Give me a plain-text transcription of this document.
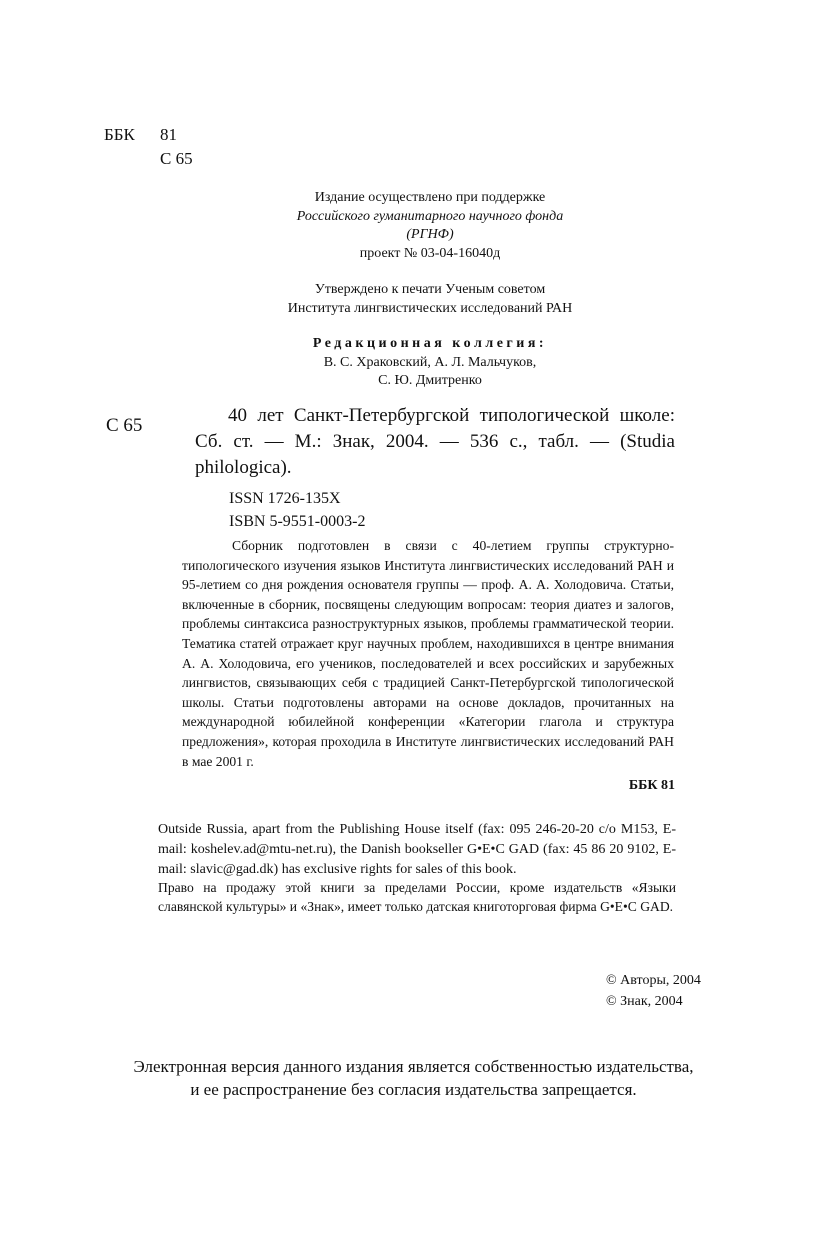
ББК	81
С 65
Издание осуществлено при поддержке
Российского гуманитарного научного фонда
(РГНФ)
проект № 03-04-16040д
Утверждено к печати Ученым советом
Института лингвистических исследований РАН
Редакционная коллегия:
В. С. Храковский, А. Л. Мальчуков,
С. Ю. Дмитренко
С 65	40 лет Санкт-Петербургской типологической школе: Сб. ст. — М.: Знак, 2004. — 536 с., табл. — (Studia philologica).
ISSN 1726-135X
ISBN 5-9551-0003-2
Сборник подготовлен в связи с 40-летием группы структурно-типологического изучения языков Института лингвистических исследований РАН и 95-летием со дня рождения основателя группы — проф. А. А. Холодовича. Статьи, включенные в сборник, посвящены следующим вопросам: теория диатез и залогов, проблемы синтаксиса разноструктурных языков, проблемы грамматической теории. Тематика статей отражает круг научных проблем, находившихся в центре внимания А. А. Холодовича, его учеников, последователей и всех российских и зарубежных лингвистов, связывающих себя с традицией Санкт-Петербургской типологической школы. Статьи подготовлены авторами на основе докладов, прочитанных на международной юбилейной конференции «Категории глагола и структура предложения», которая проходила в Институте лингвистических исследований РАН в мае 2001 г.
ББК 81
Outside Russia, apart from the Publishing House itself (fax: 095 246-20-20 c/o M153, E-mail: koshelev.ad@mtu-net.ru), the Danish bookseller G•E•C GAD (fax: 45 86 20 9102, E-mail: slavic@gad.dk) has exclusive rights for sales of this book.
Право на продажу этой книги за пределами России, кроме издательств «Языки славянской культуры» и «Знак», имеет только датская книготорговая фирма G•E•C GAD.
© Авторы, 2004
© Знак, 2004
Электронная версия данного издания является собственностью издательства,
и ее распространение без согласия издательства запрещается.
